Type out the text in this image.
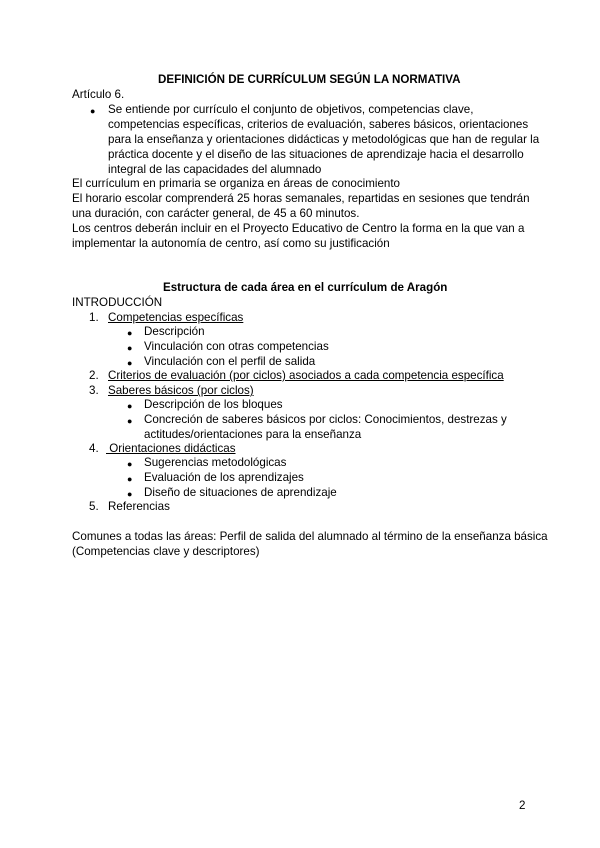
DEFINICIÓN DE CURRÍCULUM SEGÚN LA NORMATIVA
Artículo 6.
● Se entiende por currículo el conjunto de objetivos, competencias clave,
competencias específicas, criterios de evaluación, saberes básicos, orientaciones
para la enseñanza y orientaciones didácticas y metodológicas que han de regular la
práctica docente y el diseño de las situaciones de aprendizaje hacia el desarrollo
integral de las capacidades del alumnado
El currículum en primaria se organiza en áreas de conocimiento
El horario escolar comprenderá 25 horas semanales, repartidas en sesiones que tendrán
una duración, con carácter general, de 45 a 60 minutos.
Los centros deberán incluir en el Proyecto Educativo de Centro la forma en la que van a
implementar la autonomía de centro, así como su justificación
Estructura de cada área en el currículum de Aragón
INTRODUCCIÓN
1. Competencias específicas
● Descripción
● Vinculación con otras competencias
● Vinculación con el perfil de salida
2. Criterios de evaluación (por ciclos) asociados a cada competencia específica
3. Saberes básicos (por ciclos)
● Descripción de los bloques
● Concreción de saberes básicos por ciclos: Conocimientos, destrezas y
actitudes/orientaciones para la enseñanza
4. Orientaciones didácticas
● Sugerencias metodológicas
● Evaluación de los aprendizajes
● Diseño de situaciones de aprendizaje
5. Referencias
Comunes a todas las áreas: Perfil de salida del alumnado al término de la enseñanza básica
(Competencias clave y descriptores)
2
